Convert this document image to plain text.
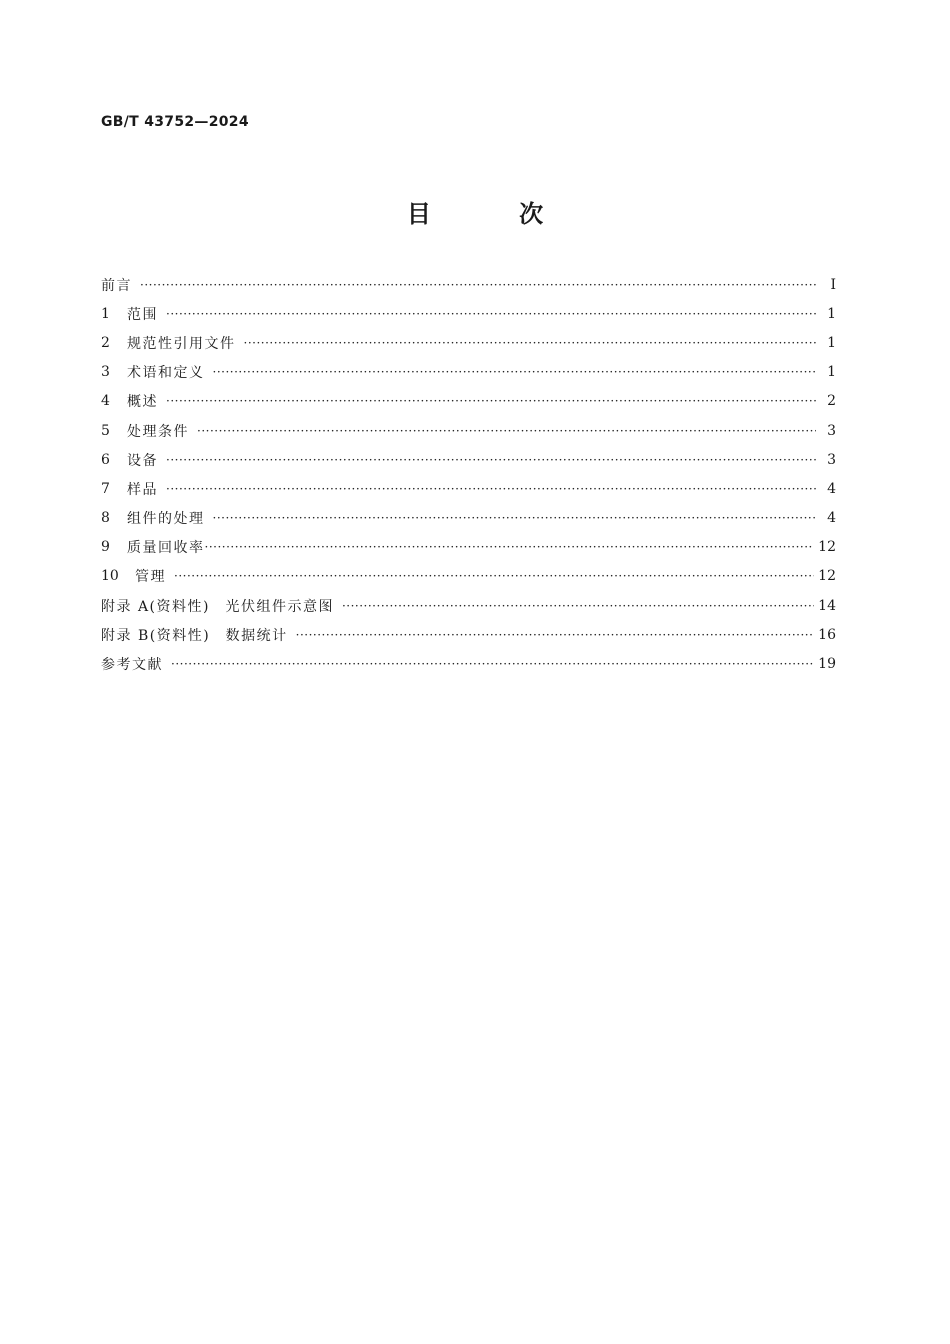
GB/T 43752—2024
目 次
前言 ·····	Ⅰ
1	范围 ·····	1
2	规范性引用文件 ·····	1
3	术语和定义 ·····	1
4	概述 ·····	2
5	处理条件 ·····	3
6	设备 ·····	3
7	样品 ·····	4
8	组件的处理 ·····	4
9	质量回收率 ·····	12
10	管理 ·····	12
附录 A(资料性)　光伏组件示意图 ·····	14
附录 B(资料性)　数据统计 ·····	16
参考文献 ·····	19
